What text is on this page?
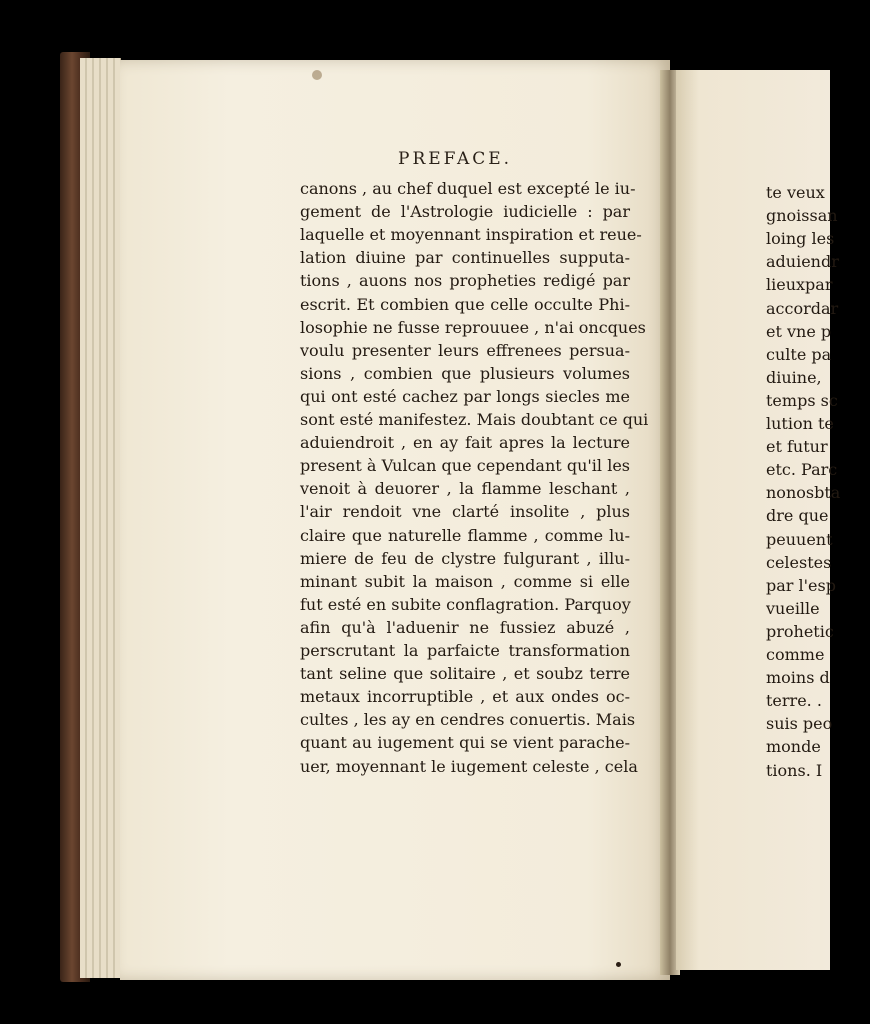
PREFACE.
canons , au chef duquel est excepté le iu-
gement de l'Astrologie iudicielle : par
laquelle et moyennant inspiration et reue-
lation diuine par continuelles supputa-
tions , auons nos propheties redigé par
escrit. Et combien que celle occulte Phi-
losophie ne fusse reprouuee , n'ai oncques
voulu presenter leurs effrenees persua-
sions , combien que plusieurs volumes
qui ont esté cachez par longs siecles me
sont esté manifestez. Mais doubtant ce qui
aduiendroit , en ay fait apres la lecture
present à Vulcan que cependant qu'il les
venoit à deuorer , la flamme leschant ,
l'air rendoit vne clarté insolite , plus
claire que naturelle flamme , comme lu-
miere de feu de clystre fulgurant , illu-
minant subit la maison , comme si elle
fut esté en subite conflagration. Parquoy
afin qu'à l'aduenir ne fussiez abuzé ,
perscrutant la parfaicte transformation
tant seline que solitaire , et soubz terre
metaux incorruptible , et aux ondes oc-
cultes , les ay en cendres conuertis. Mais
quant au iugement qui se vient parache-
uer, moyennant le iugement celeste , cela
te veux
gnoissan
loing les
aduiendr
lieuxpar
accordar
et vne p
culte pa
diuine,
temps sc
lution te
et futur
etc. Parc
nonosbta
dre que
peuuent
celestes
par l'esp
vueille
prohetic
comme
moins d
terre. .
suis peo
monde
tions. I
